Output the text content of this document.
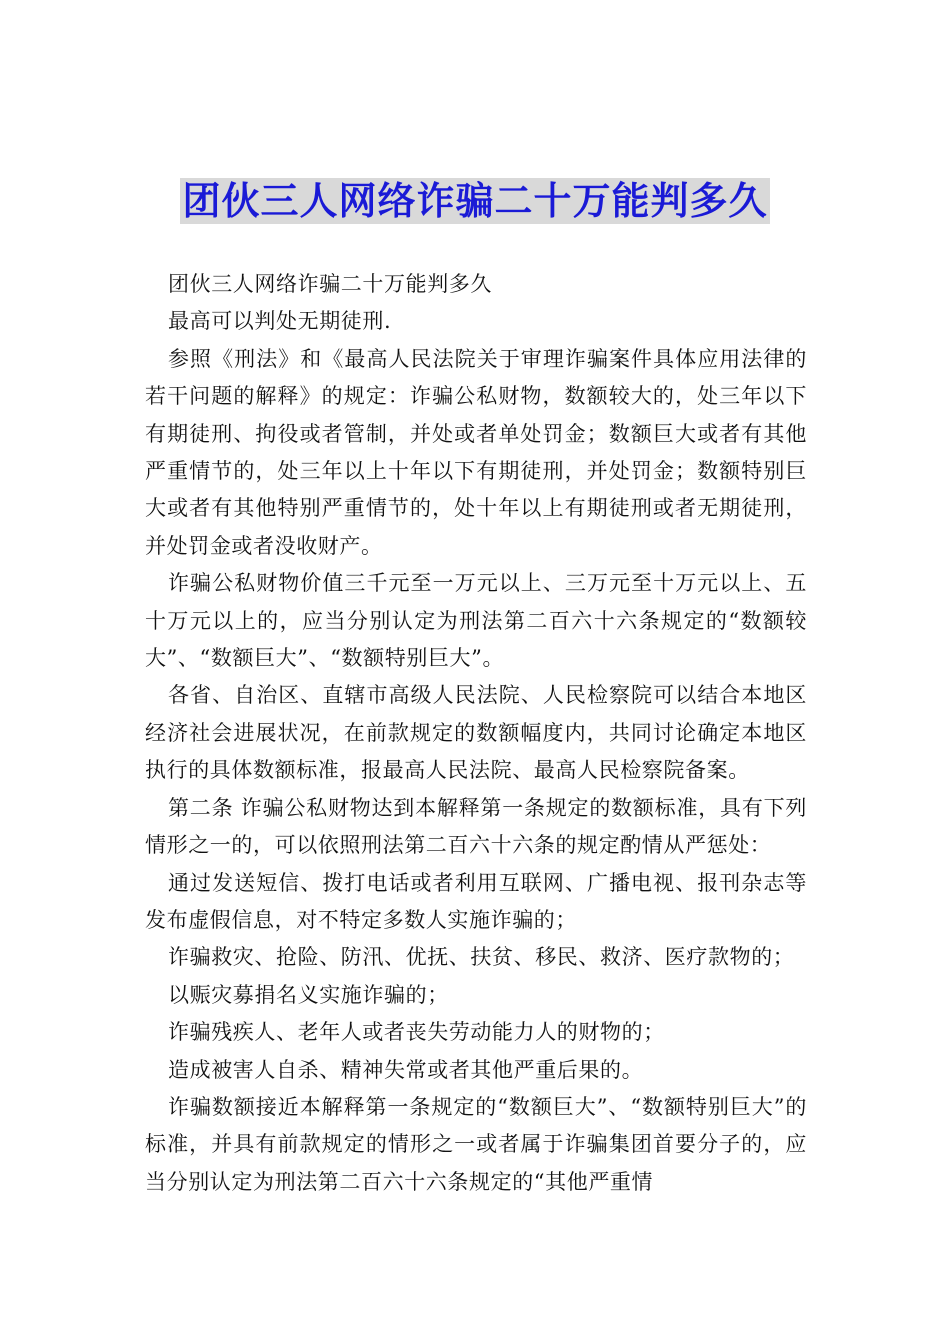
团伙三人网络诈骗二十万能判多久

团伙三人网络诈骗二十万能判多久

最高可以判处无期徒刑.

参照《刑法》和《最高人民法院关于审理诈骗案件具体应用法律的若干问题的解释》的规定：诈骗公私财物，数额较大的，处三年以下有期徒刑、拘役或者管制，并处或者单处罚金；数额巨大或者有其他严重情节的，处三年以上十年以下有期徒刑，并处罚金；数额特别巨大或者有其他特别严重情节的，处十年以上有期徒刑或者无期徒刑，并处罚金或者没收财产。

诈骗公私财物价值三千元至一万元以上、三万元至十万元以上、五十万元以上的，应当分别认定为刑法第二百六十六条规定的“数额较大”、“数额巨大”、“数额特别巨大”。

各省、自治区、直辖市高级人民法院、人民检察院可以结合本地区经济社会进展状况，在前款规定的数额幅度内，共同讨论确定本地区执行的具体数额标准，报最高人民法院、最高人民检察院备案。

第二条 诈骗公私财物达到本解释第一条规定的数额标准，具有下列情形之一的，可以依照刑法第二百六十六条的规定酌情从严惩处：

通过发送短信、拨打电话或者利用互联网、广播电视、报刊杂志等发布虚假信息，对不特定多数人实施诈骗的；

诈骗救灾、抢险、防汛、优抚、扶贫、移民、救济、医疗款物的；

以赈灾募捐名义实施诈骗的；

诈骗残疾人、老年人或者丧失劳动能力人的财物的；

造成被害人自杀、精神失常或者其他严重后果的。

诈骗数额接近本解释第一条规定的“数额巨大”、“数额特别巨大”的标准，并具有前款规定的情形之一或者属于诈骗集团首要分子的，应当分别认定为刑法第二百六十六条规定的“其他严重情
